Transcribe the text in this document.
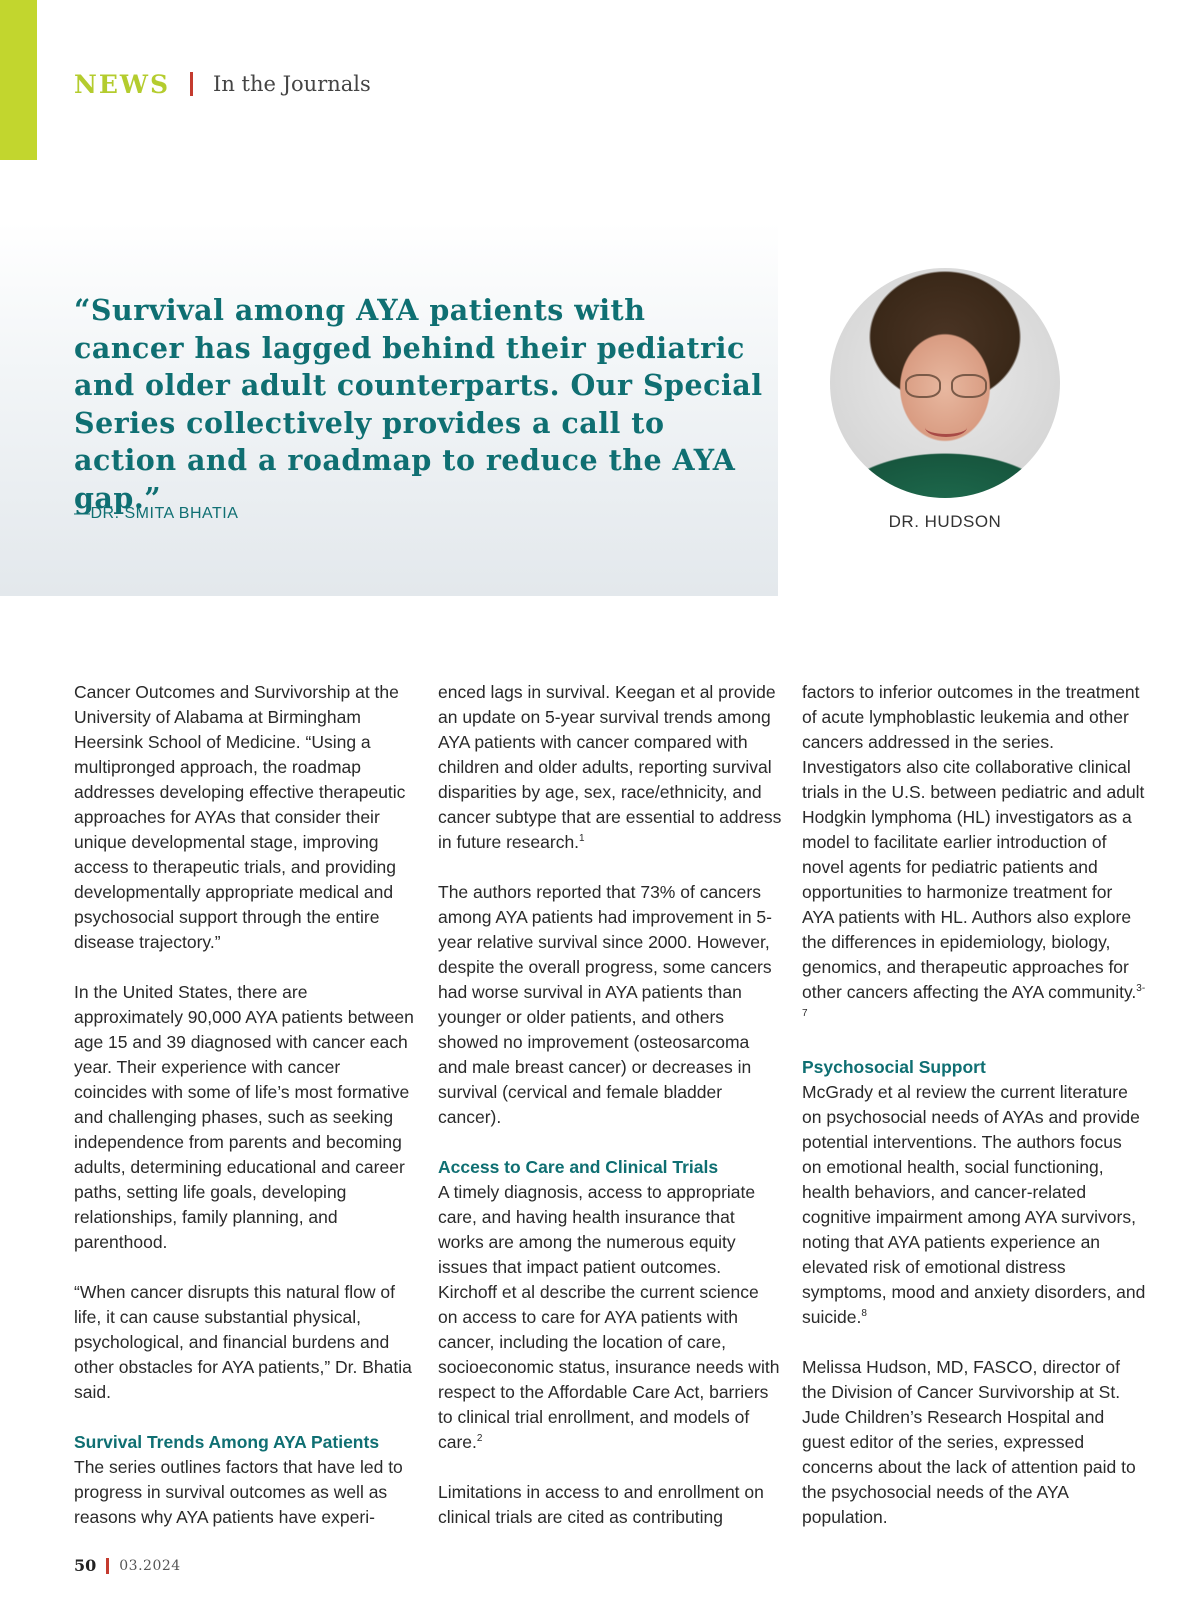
NEWS In the Journals

“Survival among AYA patients with cancer has lagged behind their pediatric and older adult counterparts. Our Special Series collectively provides a call to action and a roadmap to reduce the AYA gap.”

—DR. SMITA BHATIA	DR. HUDSON

Cancer Outcomes and Survivorship at the University of Alabama at Birmingham Heersink School of Medicine. “Using a multipronged approach, the roadmap addresses developing effective therapeutic approaches for AYAs that consider their unique developmental stage, improving access to therapeutic trials, and providing developmentally appropriate medical and psychosocial support through the entire disease trajectory.”

In the United States, there are approximately 90,000 AYA patients between age 15 and 39 diagnosed with cancer each year. Their experience with cancer coincides with some of life’s most formative and challenging phases, such as seeking independence from parents and becoming adults, determining educational and career paths, setting life goals, developing relationships, family planning, and parenthood.

“When cancer disrupts this natural flow of life, it can cause substantial physical, psychological, and financial burdens and other obstacles for AYA patients,” Dr. Bhatia said.

Survival Trends Among AYA Patients

The series outlines factors that have led to progress in survival outcomes as well as reasons why AYA patients have experi-

enced lags in survival. Keegan et al provide an update on 5-year survival trends among AYA patients with cancer compared with children and older adults, reporting survival disparities by age, sex, race/ethnicity, and cancer subtype that are essential to address in future research.$^1$

The authors reported that 73% of cancers among AYA patients had improvement in 5-year relative survival since 2000. However, despite the overall progress, some cancers had worse survival in AYA patients than younger or older patients, and others showed no improvement (osteosarcoma and male breast cancer) or decreases in survival (cervical and female bladder cancer).

Access to Care and Clinical Trials

A timely diagnosis, access to appropriate care, and having health insurance that works are among the numerous equity issues that impact patient outcomes. Kirchoff et al describe the current science on access to care for AYA patients with cancer, including the location of care, socioeconomic status, insurance needs with respect to the Affordable Care Act, barriers to clinical trial enrollment, and models of care.$^2$

Limitations in access to and enrollment on clinical trials are cited as contributing

factors to inferior outcomes in the treatment of acute lymphoblastic leukemia and other cancers addressed in the series. Investigators also cite collaborative clinical trials in the U.S. between pediatric and adult Hodgkin lymphoma (HL) investigators as a model to facilitate earlier introduction of novel agents for pediatric patients and opportunities to harmonize treatment for AYA patients with HL. Authors also explore the differences in epidemiology, biology, genomics, and therapeutic approaches for other cancers affecting the AYA community.$^{3-7}$

Psychosocial Support

McGrady et al review the current literature on psychosocial needs of AYAs and provide potential interventions. The authors focus on emotional health, social functioning, health behaviors, and cancer-related cognitive impairment among AYA survivors, noting that AYA patients experience an elevated risk of emotional distress symptoms, mood and anxiety disorders, and suicide.$^8$

Melissa Hudson, MD, FASCO, director of the Division of Cancer Survivorship at St. Jude Children’s Research Hospital and guest editor of the series, expressed concerns about the lack of attention paid to the psychosocial needs of the AYA population.

50 03.2024
